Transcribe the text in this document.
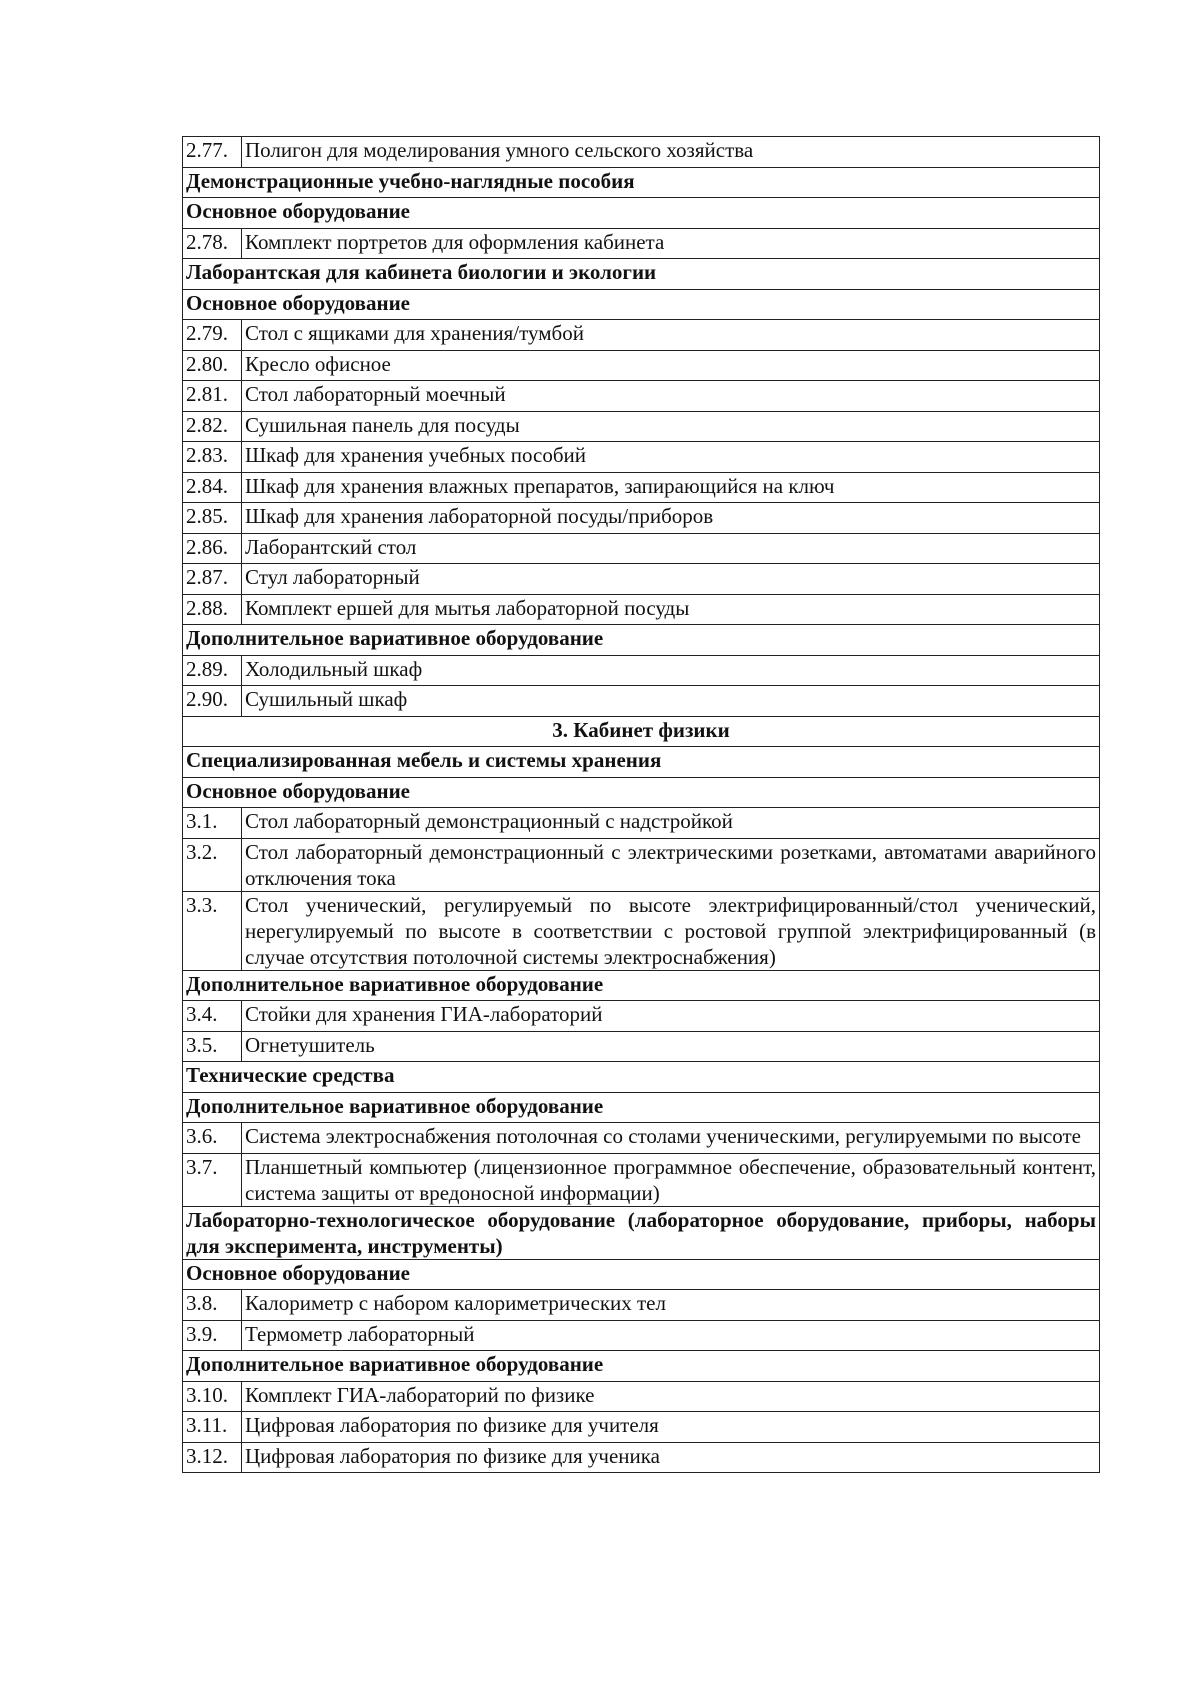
2.77.	Полигон для моделирования умного сельского хозяйства
Демонстрационные учебно-наглядные пособия	
Основное оборудование	
2.78.	Комплект портретов для оформления кабинета
Лаборантская для кабинета биологии и экологии	
Основное оборудование	
2.79.	Стол с ящиками для хранения/тумбой
2.80.	Кресло офисное
2.81.	Стол лабораторный моечный
2.82.	Сушильная панель для посуды
2.83.	Шкаф для хранения учебных пособий
2.84.	Шкаф для хранения влажных препаратов, запирающийся на ключ
2.85.	Шкаф для хранения лабораторной посуды/приборов
2.86.	Лаборантский стол
2.87.	Стул лабораторный
2.88.	Комплект ершей для мытья лабораторной посуды
Дополнительное вариативное оборудование	
2.89.	Холодильный шкаф
2.90.	Сушильный шкаф
3. Кабинет физики	
Специализированная мебель и системы хранения	
Основное оборудование	
3.1.	Стол лабораторный демонстрационный с надстройкой
3.2.	Стол лабораторный демонстрационный с электрическими розетками, автоматами аварийного отключения тока
3.3.	Стол ученический, регулируемый по высоте электрифицированный/стол ученический, нерегулируемый по высоте в соответствии с ростовой группой электрифицированный (в случае отсутствия потолочной системы электроснабжения)
Дополнительное вариативное оборудование	
3.4.	Стойки для хранения ГИА-лабораторий
3.5.	Огнетушитель
Технические средства	
Дополнительное вариативное оборудование	
3.6.	Система электроснабжения потолочная со столами ученическими, регулируемыми по высоте
3.7.	Планшетный компьютер (лицензионное программное обеспечение, образовательный контент, система защиты от вредоносной информации)
Лабораторно-технологическое оборудование (лабораторное оборудование, приборы, наборы для эксперимента, инструменты)	
Основное оборудование	
3.8.	Калориметр с набором калориметрических тел
3.9.	Термометр лабораторный
Дополнительное вариативное оборудование	
3.10.	Комплект ГИА-лабораторий по физике
3.11.	Цифровая лаборатория по физике для учителя
3.12.	Цифровая лаборатория по физике для ученика
